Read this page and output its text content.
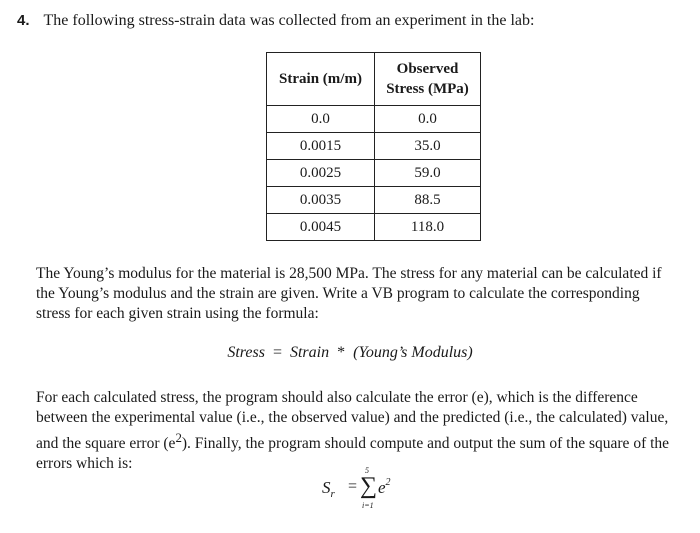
4. The following stress-strain data was collected from an experiment in the lab:
Strain (m/m)	Observed
Stress (MPa)
0.0	0.0
0.0015	35.0
0.0025	59.0
0.0035	88.5
0.0045	118.0
The Young’s modulus for the material is 28,500 MPa. The stress for any material can be calculated if the Young’s modulus and the strain are given. Write a VB program to calculate the corresponding stress for each given strain using the formula:
Stress = Strain * (Young’s Modulus)
For each calculated stress, the program should also calculate the error (e), which is the difference between the experimental value (i.e., the observed value) and the predicted (i.e., the calculated) value, and the square error $(e^2)$. Finally, the program should compute and output the sum of the square of the errors which is:
$S_r$ =
5
∑
i=1
$e^2$
